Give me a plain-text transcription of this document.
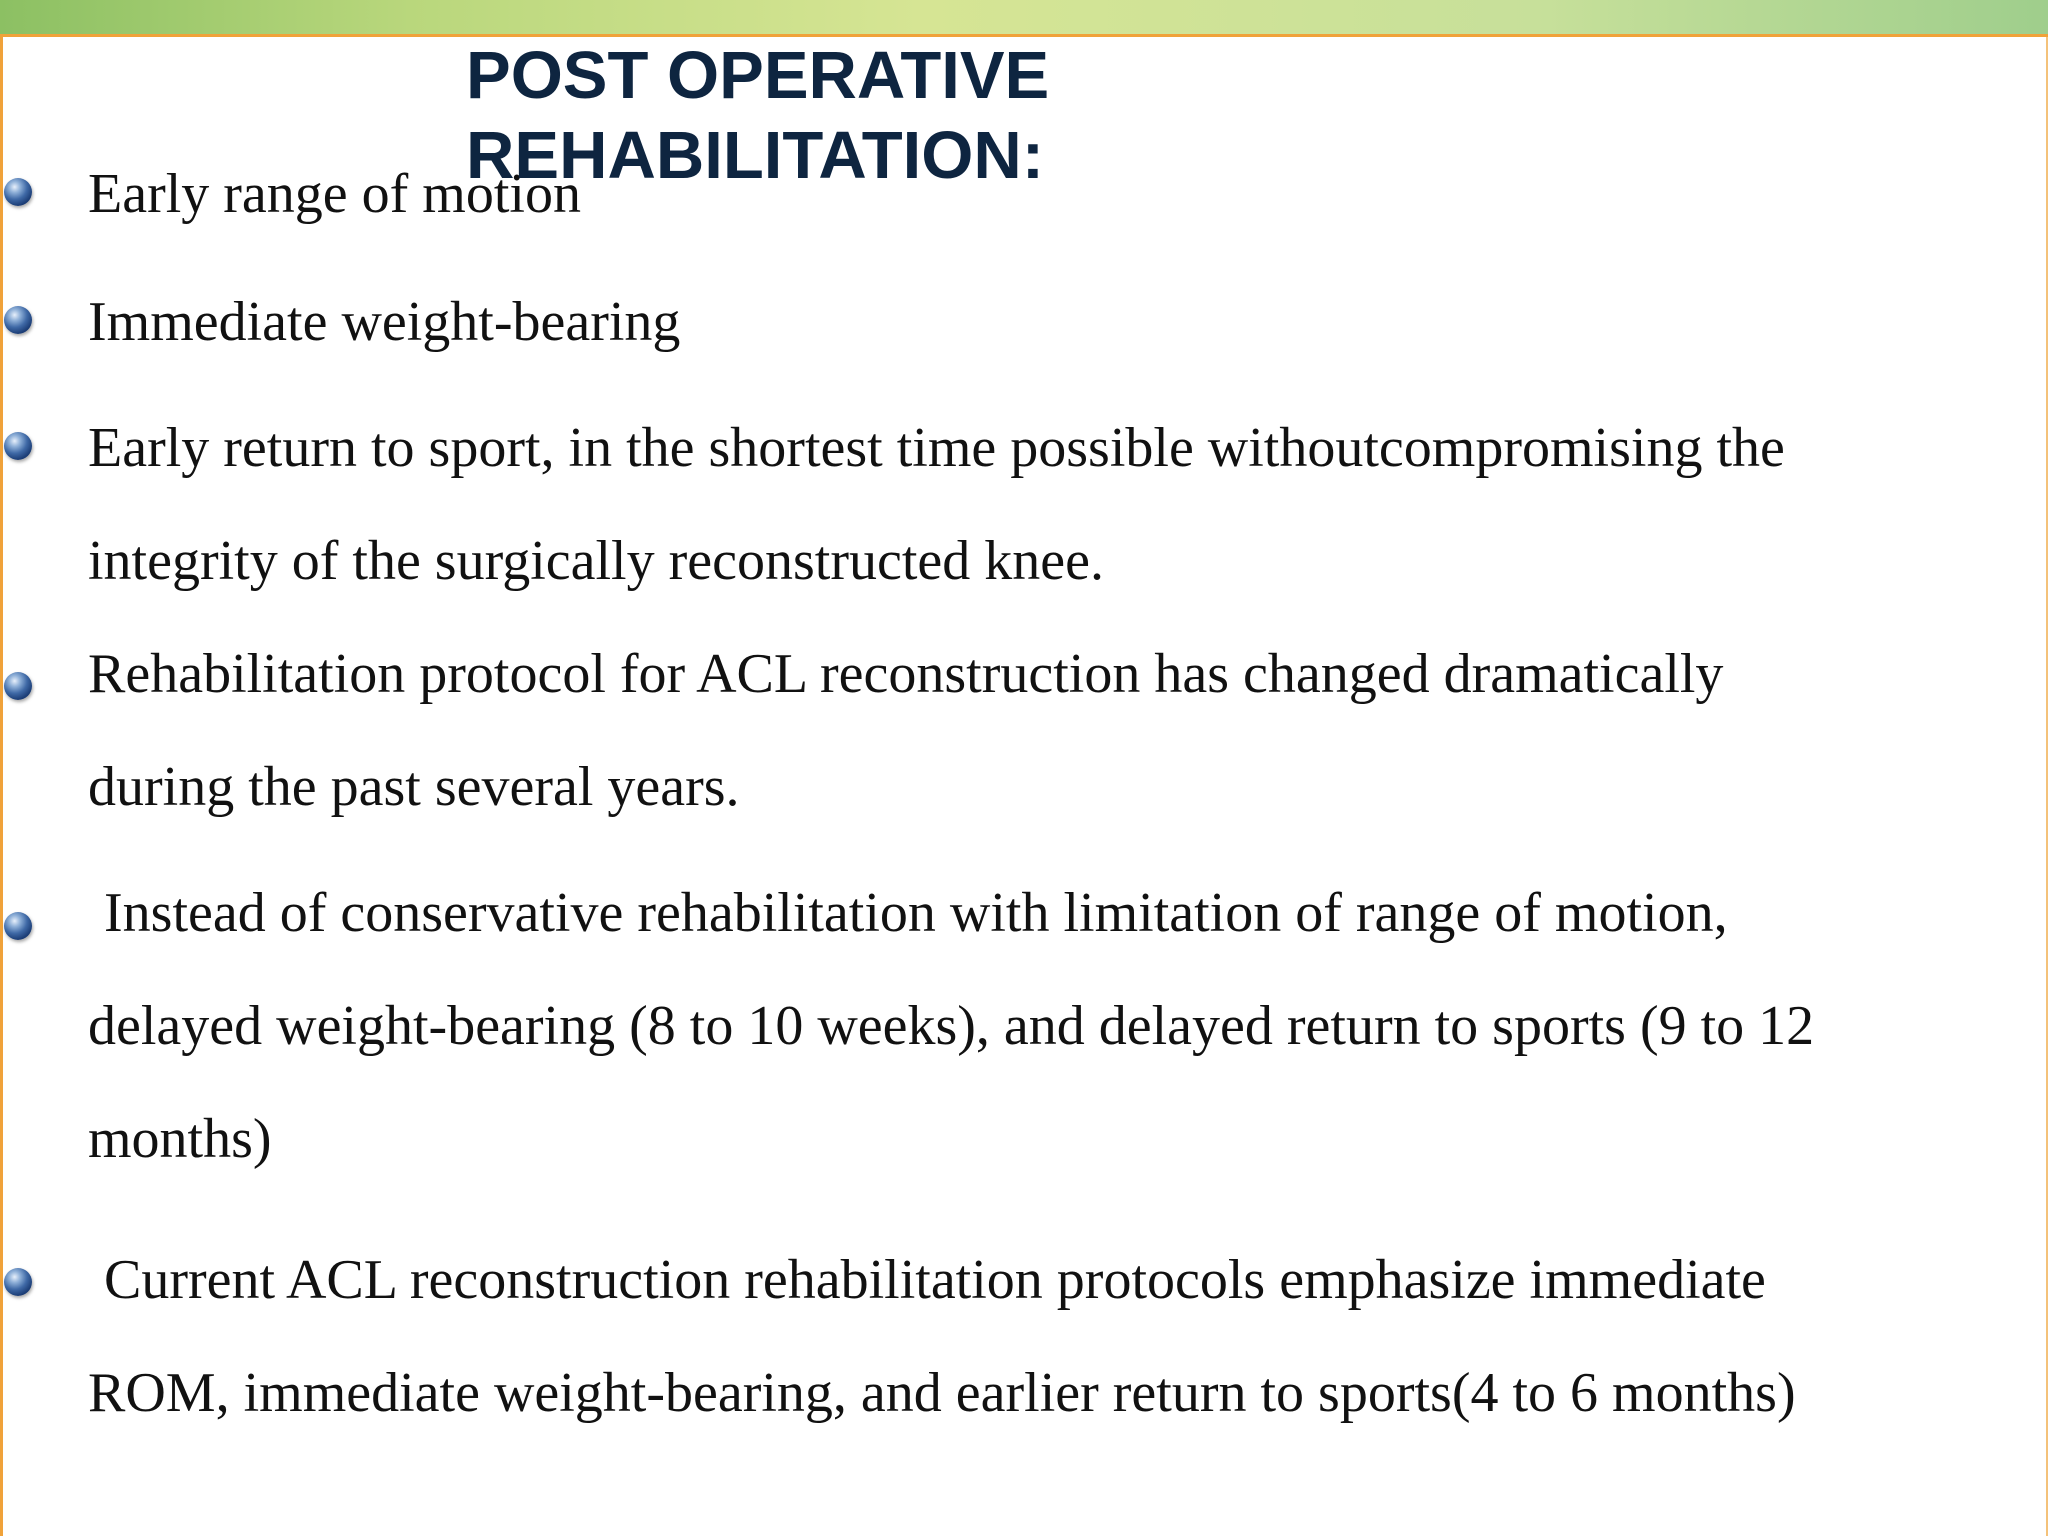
POST OPERATIVE REHABILITATION:
Early range of motion
Immediate weight-bearing
Early return to sport, in the shortest time possible withoutcompromising the
integrity of the surgically reconstructed knee.
Rehabilitation protocol for ACL reconstruction has changed dramatically
during the past several years.
Instead of conservative rehabilitation with limitation of range of motion,
delayed weight-bearing (8 to 10 weeks), and delayed return to sports (9 to 12
months)
Current ACL reconstruction rehabilitation protocols emphasize immediate
ROM, immediate weight-bearing, and earlier return to sports(4 to 6 months)
